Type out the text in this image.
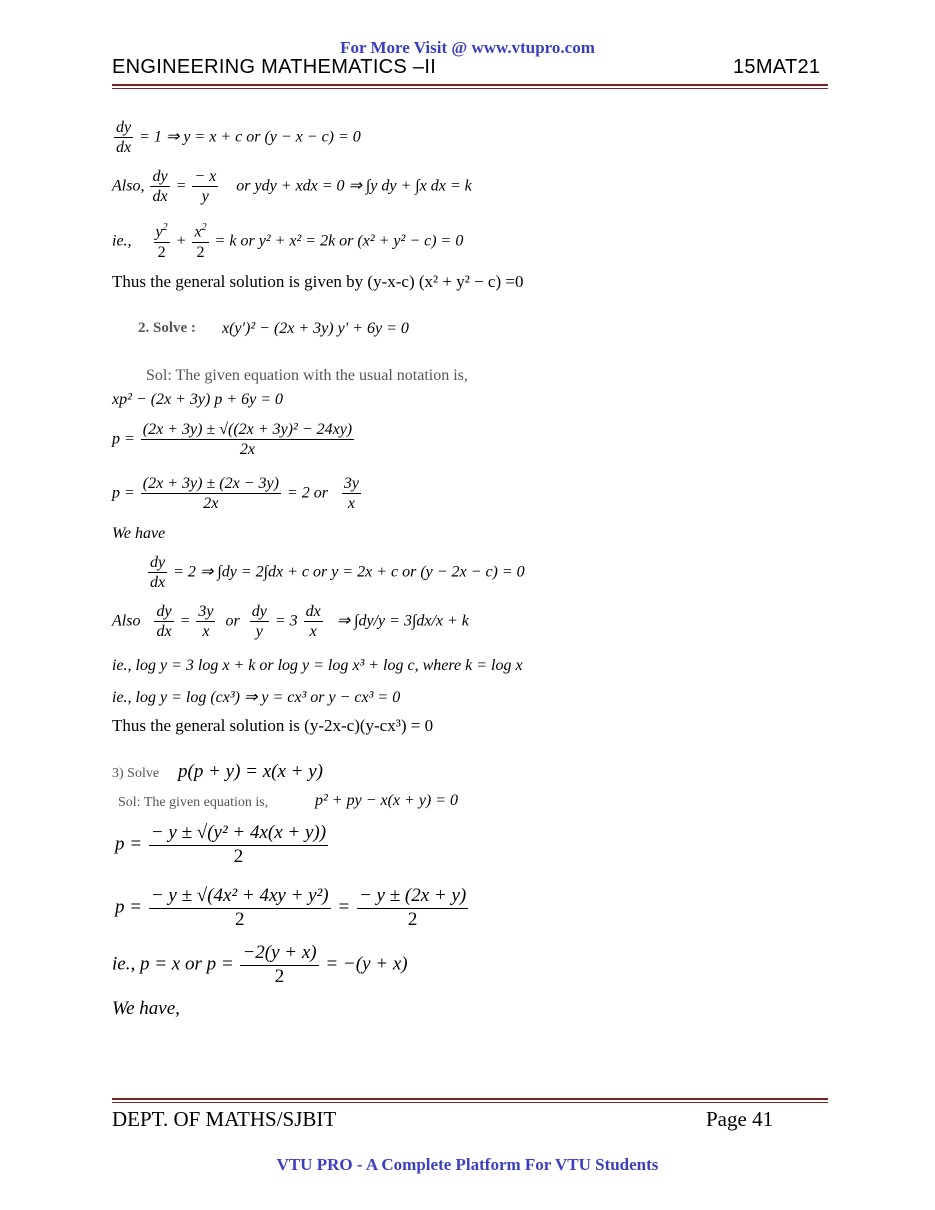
For More Visit @ www.vtupro.com
ENGINEERING MATHEMATICS –II	15MAT21
$\frac{dy}{dx} = 1$ ⇒ y = x + c or (y − x − c) = 0
Also, $\frac{dy}{dx} = \frac{- x}{y}$ or ydy + xdx = 0 ⇒ ∫y dy + ∫x dx = k
ie., $\frac{y^2}{2} + \frac{x^2}{2} = k$ or y² + x² = 2k or (x² + y² − c) = 0
Thus the general solution is given by (y-x-c) (x² + y² − c) =0
2. Solve : x(y′)² − (2x + 3y) y′ + 6y = 0
Sol: The given equation with the usual notation is,
xp² − (2x + 3y) p + 6y = 0
$p = \frac{\text{(2x + 3y) ± √((2x + 3y)² − 24xy)}}{2x}$
$p = \frac{(2x + 3y) \pm (2x - 3y)}{2x} = 2$ or $\frac{3y}{x}$
We have
$\frac{dy}{dx} = 2$ ⇒ ∫dy = 2∫dx + c or y = 2x + c or (y − 2x − c) = 0
Also $\frac{dy}{dx} = \frac{3y}{x}$ or $\frac{dy}{y} = 3 \frac{dx}{x}$ ⇒ ∫dy/y = 3∫dx/x + k
ie., log y = 3 log x + k or log y = log x³ + log c, where k = log x
ie., log y = log (cx³) ⇒ y = cx³ or y − cx³ = 0
Thus the general solution is (y-2x-c)(y-cx³) = 0
3) Solve p(p + y) = x(x + y)
Sol: The given equation is,	p² + py − x(x + y) = 0
$p = \frac{\text{− y ± √(y² + 4x(x + y))}}{2}$
$p = \frac{\text{− y ± √(4x² + 4xy + y²)}}{2} = \frac{- y \pm (2x + y)}{2}$
ie., p = x or $p = \frac{-2(y + x)}{2} = -(y + x)$
We have,
DEPT. OF MATHS/SJBIT	Page 41
VTU PRO - A Complete Platform For VTU Students
